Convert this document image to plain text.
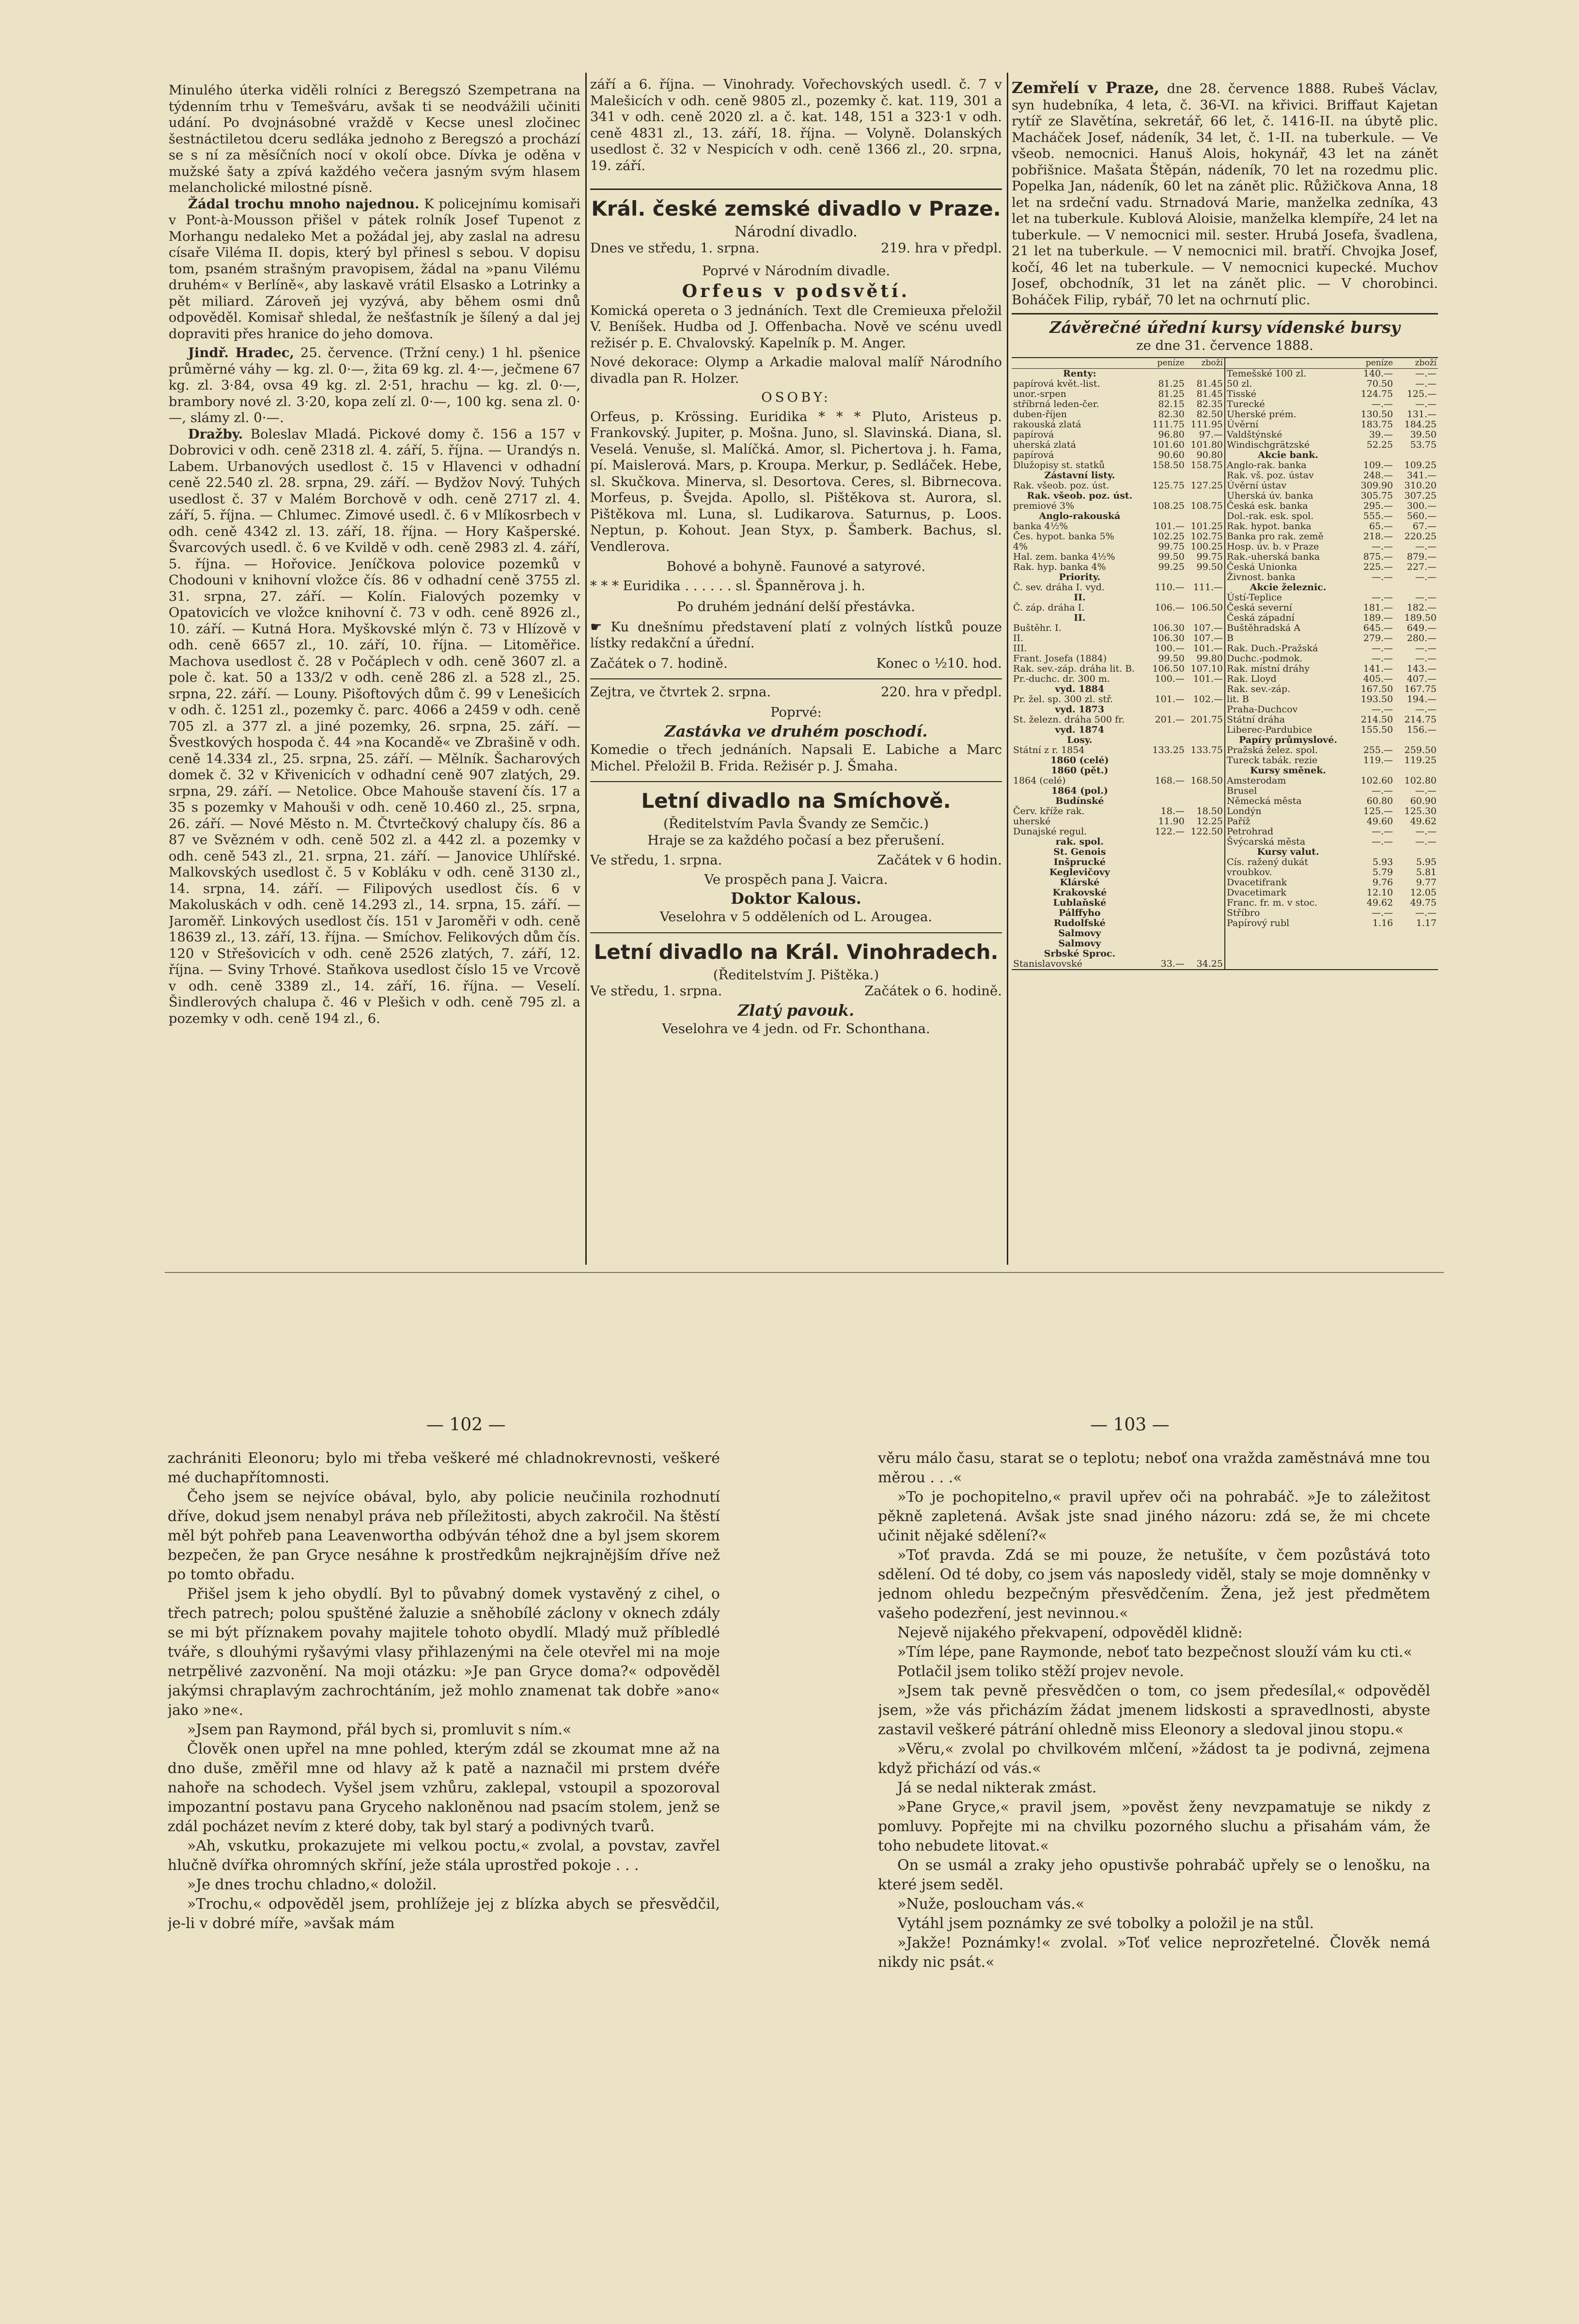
Minulého úterka viděli rolníci z Beregszó Szempetrana na týdenním trhu v Temešváru, avšak ti se neodvážili učiniti udání. Po dvojnásobné vraždě v Kecse unesl zločinec šestnáctiletou dceru sedláka jednoho z Beregszó a prochází se s ní za měsíčních nocí v okolí obce. Dívka je oděna v mužské šaty a zpívá každého večera jasným svým hlasem melancholické milostné písně.

Žádal trochu mnoho najednou. K policejnímu komisaři v Pont-à-Mousson přišel v pátek rolník Josef Tupenot z Morhangu nedaleko Met a požádal jej, aby zaslal na adresu císaře Viléma II. dopis, který byl přinesl s sebou. V dopisu tom, psaném strašným pravopisem, žádal na »panu Vilému druhém« v Berlíně«, aby laskavě vrátil Elsasko a Lotrinky a pět miliard. Zároveň jej vyzývá, aby během osmi dnů odpověděl. Komisař shledal, že nešťastník je šílený a dal jej dopraviti přes hranice do jeho domova.

Jindř. Hradec, 25. července. (Tržní ceny.) 1 hl. pšenice průměrné váhy — kg. zl. 0·—, žita 69 kg. zl. 4·—, ječmene 67 kg. zl. 3·84, ovsa 49 kg. zl. 2·51, hrachu — kg. zl. 0·—, brambory nové zl. 3·20, kopa zelí zl. 0·—, 100 kg. sena zl. 0·—, slámy zl. 0·—.

Dražby. Boleslav Mladá. Pickové domy č. 156 a 157 v Dobrovici v odh. ceně 2318 zl. 4. září, 5. října. — Urandýs n. Labem. Urbanových usedlost č. 15 v Hlavenci v odhadní ceně 22.540 zl. 28. srpna, 29. září. — Bydžov Nový. Tuhých usedlost č. 37 v Malém Borchově v odh. ceně 2717 zl. 4. září, 5. října. — Chlumec. Zimové usedl. č. 6 v Mlíkosrbech v odh. ceně 4342 zl. 13. září, 18. října. — Hory Kašperské. Švarcových usedl. č. 6 ve Kvildě v odh. ceně 2983 zl. 4. září, 5. října. — Hořovice. Jeníčkova polovice pozemků v Chodouni v knihovní vložce čís. 86 v odhadní ceně 3755 zl. 31. srpna, 27. září. — Kolín. Fialových pozemky v Opatovicích ve vložce knihovní č. 73 v odh. ceně 8926 zl., 10. září. — Kutná Hora. Myškovské mlýn č. 73 v Hlízově v odh. ceně 6657 zl., 10. září, 10. října. — Litoměřice. Machova usedlost č. 28 v Počáplech v odh. ceně 3607 zl. a pole č. kat. 50 a 133/2 v odh. ceně 286 zl. a 528 zl., 25. srpna, 22. září. — Louny. Pišoftových dům č. 99 v Lenešicích v odh. č. 1251 zl., pozemky č. parc. 4066 a 2459 v odh. ceně 705 zl. a 377 zl. a jiné pozemky, 26. srpna, 25. září. — Švestkových hospoda č. 44 »na Kocandě« ve Zbrašině v odh. ceně 14.334 zl., 25. srpna, 25. září. — Mělník. Šacharových domek č. 32 v Křivenicích v odhadní ceně 907 zlatých, 29. srpna, 29. září. — Netolice. Obce Mahouše stavení čís. 17 a 35 s pozemky v Mahouši v odh. ceně 10.460 zl., 25. srpna, 26. září. — Nové Město n. M. Čtvrtečkový chalupy čís. 86 a 87 ve Svězném v odh. ceně 502 zl. a 442 zl. a pozemky v odh. ceně 543 zl., 21. srpna, 21. září. — Janovice Uhlířské. Malkovských usedlost č. 5 v Kobláku v odh. ceně 3130 zl., 14. srpna, 14. září. — Filipových usedlost čís. 6 v Makoluskách v odh. ceně 14.293 zl., 14. srpna, 15. září. — Jaroměř. Linkových usedlost čís. 151 v Jaroměři v odh. ceně 18639 zl., 13. září, 13. října. — Smíchov. Felikových dům čís. 120 v Střešovicích v odh. ceně 2526 zlatých, 7. září, 12. října. — Sviny Trhové. Staňkova usedlost číslo 15 ve Vrcově v odh. ceně 3389 zl., 14. září, 16. října. — Veselí. Šindlerových chalupa č. 46 v Plešich v odh. ceně 795 zl. a pozemky v odh. ceně 194 zl., 6.

září a 6. října. — Vinohrady. Vořechovských usedl. č. 7 v Malešicích v odh. ceně 9805 zl., pozemky č. kat. 119, 301 a 341 v odh. ceně 2020 zl. a č. kat. 148, 151 a 323·1 v odh. ceně 4831 zl., 13. září, 18. října. — Volyně. Dolanských usedlost č. 32 v Nespicích v odh. ceně 1366 zl., 20. srpna, 19. září.

Král. české zemské divadlo v Praze.
Národní divadlo.
Dnes ve středu, 1. srpna.	219. hra v předpl.
Poprvé v Národním divadle.
Orfeus v podsvětí.

Komická opereta o 3 jednáních. Text dle Cremieuxa přeložil V. Beníšek. Hudba od J. Offenbacha. Nově ve scénu uvedl režisér p. E. Chvalovský. Kapelník p. M. Anger.

Nové dekorace: Olymp a Arkadie maloval malíř Národního divadla pan R. Holzer.

OSOBY:

Orfeus, p. Krössing. Euridika * * * Pluto, Aristeus p. Frankovský. Jupiter, p. Mošna. Juno, sl. Slavinská. Diana, sl. Veselá. Venuše, sl. Malíčká. Amor, sl. Pichertova j. h. Fama, pí. Maislerová. Mars, p. Kroupa. Merkur, p. Sedláček. Hebe, sl. Skučkova. Minerva, sl. Desortova. Ceres, sl. Bibrnecova. Morfeus, p. Švejda. Apollo, sl. Pištěkova st. Aurora, sl. Pištěkova ml. Luna, sl. Ludikarova. Saturnus, p. Loos. Neptun, p. Kohout. Jean Styx, p. Šamberk. Bachus, sl. Vendlerova.

Bohové a bohyně. Faunové a satyrové.
* * * Euridika . . . . . . sl. Španněrova j. h.
Po druhém jednání delší přestávka.

☛ Ku dnešnímu představení platí z volných lístků pouze lístky redakční a úřední.

Začátek o 7. hodině.	Konec o ½10. hod.
Zejtra, ve čtvrtek 2. srpna.	220. hra v předpl.
Poprvé:
Zastávka ve druhém poschodí.

Komedie o třech jednáních. Napsali E. Labiche a Marc Michel. Přeložil B. Frida. Režisér p. J. Šmaha.

Letní divadlo na Smíchově.
(Ředitelstvím Pavla Švandy ze Semčic.)
Hraje se za každého počasí a bez přerušení.
Ve středu, 1. srpna.	Začátek v 6 hodin.
Ve prospěch pana J. Vaicra.
Doktor Kalous.
Veselohra v 5 odděleních od L. Arougea.
Letní divadlo na Král. Vinohradech.
(Ředitelstvím J. Pištěka.)
Ve středu, 1. srpna.	Začátek o 6. hodině.
Zlatý pavouk.
Veselohra ve 4 jedn. od Fr. Schonthana.

Zemřelí v Praze, dne 28. července 1888. Rubeš Václav, syn hudebníka, 4 leta, č. 36-VI. na křivici. Briffaut Kajetan rytíř ze Slavětína, sekretář, 66 let, č. 1416-II. na úbytě plic. Macháček Josef, nádeník, 34 let, č. 1-II. na tuberkule. — Ve všeob. nemocnici. Hanuš Alois, hokynář, 43 let na zánět pobřišnice. Mašata Štěpán, nádeník, 70 let na rozedmu plic. Popelka Jan, nádeník, 60 let na zánět plic. Růžičkova Anna, 18 let na srdeční vadu. Strnadová Marie, manželka zedníka, 43 let na tuberkule. Kublová Aloisie, manželka klempíře, 24 let na tuberkule. — V nemocnici mil. sester. Hrubá Josefa, švadlena, 21 let na tuberkule. — V nemocnici mil. bratří. Chvojka Josef, kočí, 46 let na tuberkule. — V nemocnici kupecké. Muchov Josef, obchodník, 31 let na zánět plic. — V chorobinci. Boháček Filip, rybář, 70 let na ochrnutí plic.

Závěrečné úřední kursy vídenské bursy
ze dne 31. července 1888.
	peníze	zboží
Renty:		
papírová květ.-list.	81.25	81.45
unor.-srpen	81.25	81.45
stříbrná leden-čer.	82.15	82.35
duben-říjen	82.30	82.50
rakouská zlatá	111.75	111.95
papírová	96.80	97.—
uherská zlatá	101.60	101.80
papírová	90.60	90.80
Dlužopisy st. statků	158.50	158.75
Zástavní listy.		
Rak. všeob. poz. úst.	125.75	127.25
Rak. všeob. poz. úst.		
premiové 3%	108.25	108.75
Anglo-rakouská		
banka 4½%	101.—	101.25
Čes. hypot. banka 5%	102.25	102.75
4%	99.75	100.25
Hal. zem. banka 4½%	99.50	99.75
Rak. hyp. banka 4%	99.25	99.50
Priority.		
Č. sev. dráha I. vyd.	110.—	111.—
II.		
Č. záp. dráha I.	106.—	106.50
II.		
Buštěhr. I.	106.30	107.—
II.	106.30	107.—
III.	100.—	101.—
Frant. Josefa (1884)	99.50	99.80
Rak. sev.-záp. dráha lit. B.	106.50	107.10
Pr.-duchc. dr. 300 m.	100.—	101.—
vyd. 1884		
Pr. žel. sp. 300 zl. stř.	101.—	102.—
vyd. 1873		
St. železn. dráha 500 fr.	201.—	201.75
vyd. 1874		
Losy.		
Státní z r. 1854	133.25	133.75
1860 (celé)		
1860 (pět.)		
1864 (celé)	168.—	168.50
1864 (pol.)		
Budínské		
Červ. kříže rak.	18.—	18.50
uherské	11.90	12.25
Dunajské regul.	122.—	122.50
rak. spol.		
St. Genois		
Inšprucké		
Keglevičovy		
Klárské		
Krakovské		
Lublaňské		
Pálffyho		
Rudolfské		
Salmovy		
Salmovy		
Srbské Sproc.		
Stanislavovské	33.—	34.25
	peníze	zboží
Temešské 100 zl.	140.—	—.—
50 zl.	70.50	—.—
Tisské	124.75	125.—
Turecké	—.—	—.—
Uherské prém.	130.50	131.—
Úvěrní	183.75	184.25
Valdštýnské	39.—	39.50
Windischgrätzské	52.25	53.75
Akcie bank.		
Anglo-rak. banka	109.—	109.25
Rak. vš. poz. ústav	248.—	341.—
Úvěrní ústav	309.90	310.20
Uherská úv. banka	305.75	307.25
Česká esk. banka	295.—	300.—
Dol.-rak. esk. spol.	555.—	560.—
Rak. hypot. banka	65.—	67.—
Banka pro rak. země	218.—	220.25
Hosp. úv. b. v Praze	—.—	—.—
Rak.-uherská banka	875.—	879.—
Česká Unionka	225.—	227.—
Živnost. banka	—.—	—.—
Akcie železnic.		
Ústí-Teplice	—.—	—.—
Česká severní	181.—	182.—
Česká západní	189.—	189.50
Buštěhradská A	645.—	649.—
B	279.—	280.—
Rak. Duch.-Pražská	—.—	—.—
Duchc.-podmok.	—.—	—.—
Rak. místní dráhy	141.—	143.—
Rak. Lloyd	405.—	407.—
Rak. sev.-záp.	167.50	167.75
lit. B	193.50	194.—
Praha-Duchcov	—.—	—.—
Státní dráha	214.50	214.75
Liberec-Pardubice	155.50	156.—
Papíry průmyslové.		
Pražská želez. spol.	255.—	259.50
Tureck tabák. rezie	119.—	119.25
Kursy směnek.		
Amsterodam	102.60	102.80
Brusel	—.—	—.—
Německá města	60.80	60.90
Londýn	125.—	125.30
Paříž	49.60	49.62
Petrohrad	—.—	—.—
Švýcarská města	—.—	—.—
Kursy valut.		
Cís. ražený dukát	5.93	5.95
vroubkov.	5.79	5.81
Dvacetifrank	9.76	9.77
Dvacetimark	12.10	12.05
Franc. fr. m. v stoc.	49.62	49.75
Stříbro	—.—	—.—
Papírový rubl	1.16	1.17
— 102 —	— 103 —

zachrániti Eleonoru; bylo mi třeba veškeré mé chladnokrevnosti, veškeré mé duchapřítomnosti.

Čeho jsem se nejvíce obával, bylo, aby policie neučinila rozhodnutí dříve, dokud jsem nenabyl práva neb příležitosti, abych zakročil. Na štěstí měl být pohřeb pana Leavenwortha odbýván téhož dne a byl jsem skorem bezpečen, že pan Gryce nesáhne k prostředkům nejkrajnějším dříve než po tomto obřadu.

Přišel jsem k jeho obydlí. Byl to půvabný domek vystavěný z cihel, o třech patrech; polou spuštěné žaluzie a sněhobílé záclony v oknech zdály se mi být příznakem povahy majitele tohoto obydlí. Mladý muž příbledlé tváře, s dlouhými ryšavými vlasy přihlazenými na čele otevřel mi na moje netrpělivé zazvonění. Na moji otázku: »Je pan Gryce doma?« odpověděl jakýmsi chraplavým zachrochtáním, jež mohlo znamenat tak dobře »ano« jako »ne«.

»Jsem pan Raymond, přál bych si, promluvit s ním.«

Člověk onen upřel na mne pohled, kterým zdál se zkoumat mne až na dno duše, změřil mne od hlavy až k patě a naznačil mi prstem dvéře nahoře na schodech. Vyšel jsem vzhůru, zaklepal, vstoupil a spozoroval impozantní postavu pana Gryceho nakloněnou nad psacím stolem, jenž se zdál pocházet nevím z které doby, tak byl starý a podivných tvarů.

»Ah, vskutku, prokazujete mi velkou poctu,« zvolal, a povstav, zavřel hlučně dvířka ohromných skříní, ježe stála uprostřed pokoje . . .

»Je dnes trochu chladno,« doložil.

»Trochu,« odpověděl jsem, prohlížeje jej z blízka abych se přesvědčil, je-li v dobré míře, »avšak mám

věru málo času, starat se o teplotu; neboť ona vražda zaměstnává mne tou měrou . . .«

»To je pochopitelno,« pravil upřev oči na pohrabáč. »Je to záležitost pěkně zapletená. Avšak jste snad jiného názoru: zdá se, že mi chcete učinit nějaké sdělení?«

»Toť pravda. Zdá se mi pouze, že netušíte, v čem pozůstává toto sdělení. Od té doby, co jsem vás naposledy viděl, staly se moje domněnky v jednom ohledu bezpečným přesvědčením. Žena, jež jest předmětem vašeho podezření, jest nevinnou.«

Nejevě nijakého překvapení, odpověděl klidně:

»Tím lépe, pane Raymonde, neboť tato bezpečnost slouží vám ku cti.«

Potlačil jsem toliko stěží projev nevole.

»Jsem tak pevně přesvědčen o tom, co jsem předesílal,« odpověděl jsem, »že vás přicházím žádat jmenem lidskosti a spravedlnosti, abyste zastavil veškeré pátrání ohledně miss Eleonory a sledoval jinou stopu.«

»Věru,« zvolal po chvilkovém mlčení, »žádost ta je podivná, zejmena když přichází od vás.«

Já se nedal nikterak zmást.

»Pane Gryce,« pravil jsem, »pověst ženy nevzpamatuje se nikdy z pomluvy. Popřejte mi na chvilku pozorného sluchu a přisahám vám, že toho nebudete litovat.«

On se usmál a zraky jeho opustivše pohrabáč upřely se o lenošku, na které jsem seděl.

»Nuže, posloucham vás.«

Vytáhl jsem poznámky ze své tobolky a položil je na stůl.

»Jakže! Poznámky!« zvolal. »Toť velice neprozřetelné. Člověk nemá nikdy nic psát.«
